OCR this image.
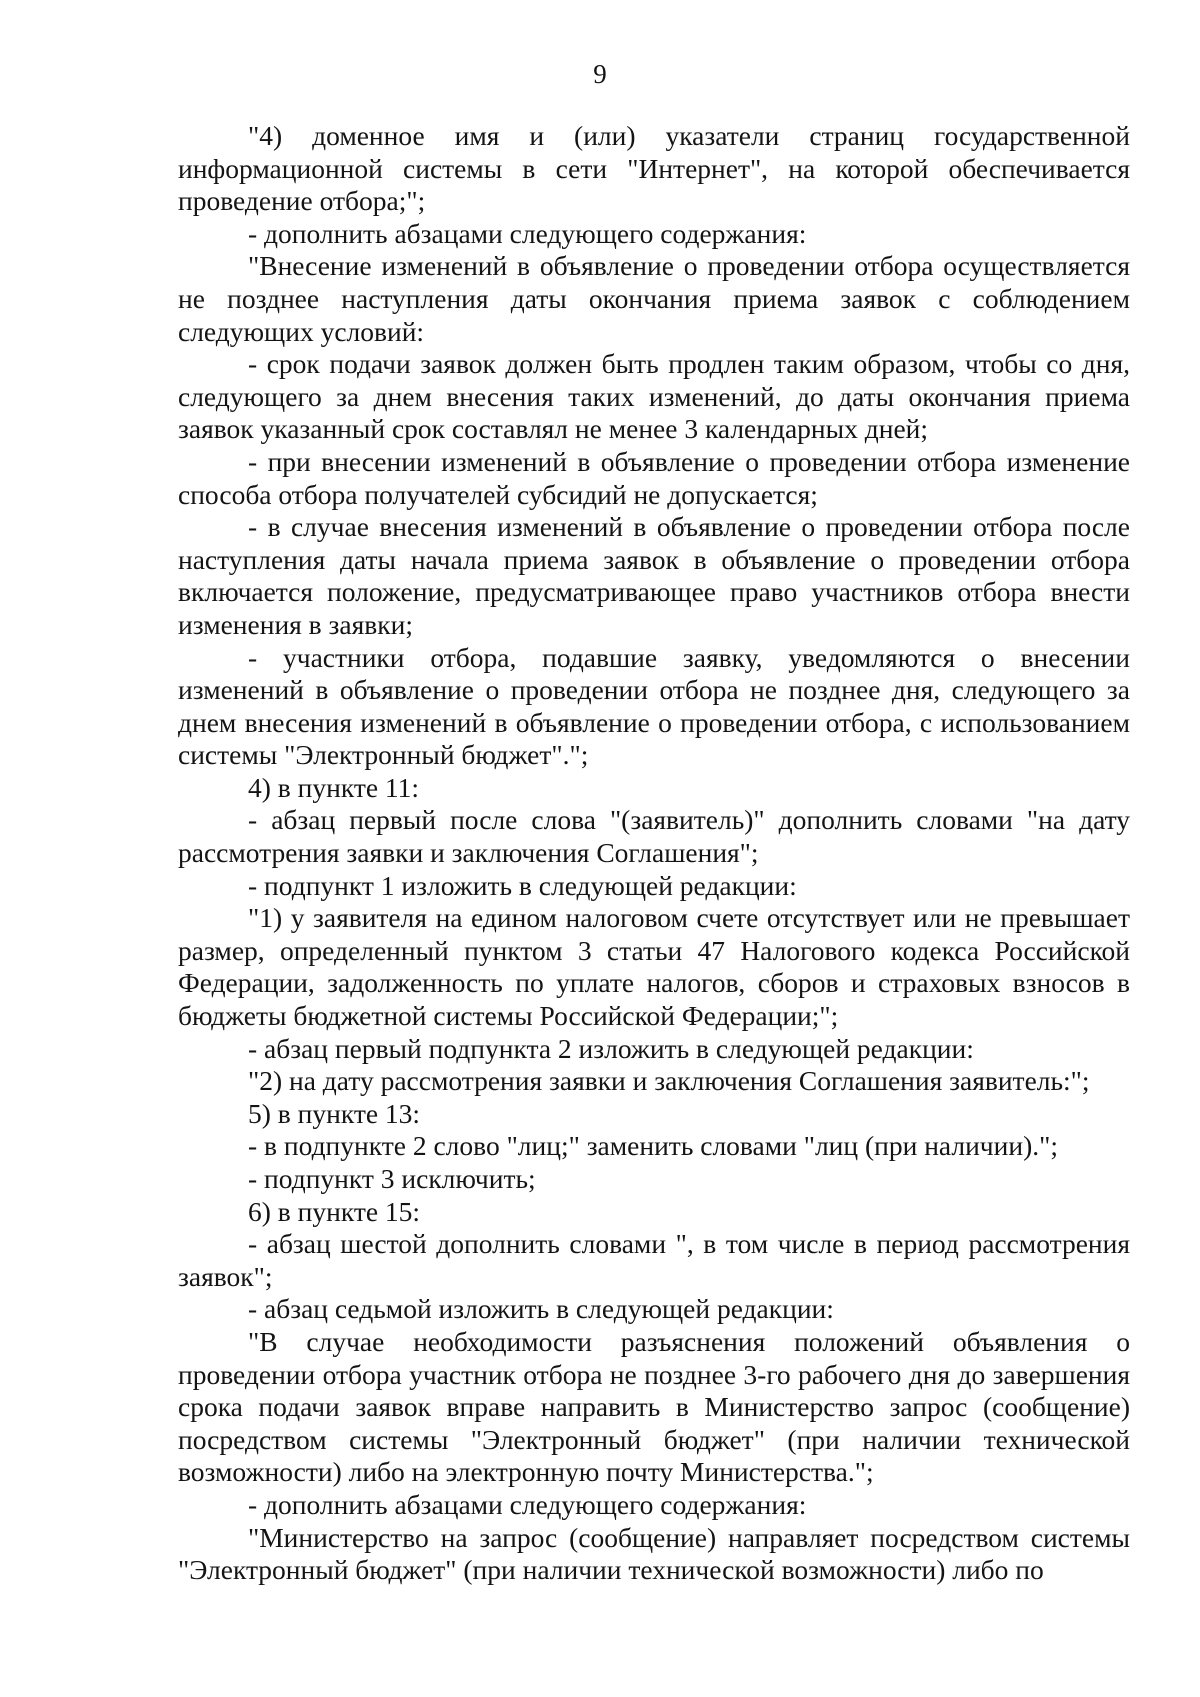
9

"4) доменное имя и (или) указатели страниц государственной информационной системы в сети "Интернет", на которой обеспечивается проведение отбора;";

- дополнить абзацами следующего содержания:

"Внесение изменений в объявление о проведении отбора осуществляется не позднее наступления даты окончания приема заявок с соблюдением следующих условий:

- срок подачи заявок должен быть продлен таким образом, чтобы со дня, следующего за днем внесения таких изменений, до даты окончания приема заявок указанный срок составлял не менее 3 календарных дней;

- при внесении изменений в объявление о проведении отбора изменение способа отбора получателей субсидий не допускается;

- в случае внесения изменений в объявление о проведении отбора после наступления даты начала приема заявок в объявление о проведении отбора включается положение, предусматривающее право участников отбора внести изменения в заявки;

- участники отбора, подавшие заявку, уведомляются о внесении изменений в объявление о проведении отбора не позднее дня, следующего за днем внесения изменений в объявление о проведении отбора, с использованием системы "Электронный бюджет".";

4) в пункте 11:

- абзац первый после слова "(заявитель)" дополнить словами "на дату рассмотрения заявки и заключения Соглашения";

- подпункт 1 изложить в следующей редакции:

"1) у заявителя на едином налоговом счете отсутствует или не превышает размер, определенный пунктом 3 статьи 47 Налогового кодекса Российской Федерации, задолженность по уплате налогов, сборов и страховых взносов в бюджеты бюджетной системы Российской Федерации;";

- абзац первый подпункта 2 изложить в следующей редакции:

"2) на дату рассмотрения заявки и заключения Соглашения заявитель:";

5) в пункте 13:

- в подпункте 2 слово "лиц;" заменить словами "лиц (при наличии).";

- подпункт 3 исключить;

6) в пункте 15:

- абзац шестой дополнить словами ", в том числе в период рассмотрения заявок";

- абзац седьмой изложить в следующей редакции:

"В случае необходимости разъяснения положений объявления о проведении отбора участник отбора не позднее 3-го рабочего дня до завершения срока подачи заявок вправе направить в Министерство запрос (сообщение) посредством системы "Электронный бюджет" (при наличии технической возможности) либо на электронную почту Министерства.";

- дополнить абзацами следующего содержания:

"Министерство на запрос (сообщение) направляет посредством системы "Электронный бюджет" (при наличии технической возможности) либо по
